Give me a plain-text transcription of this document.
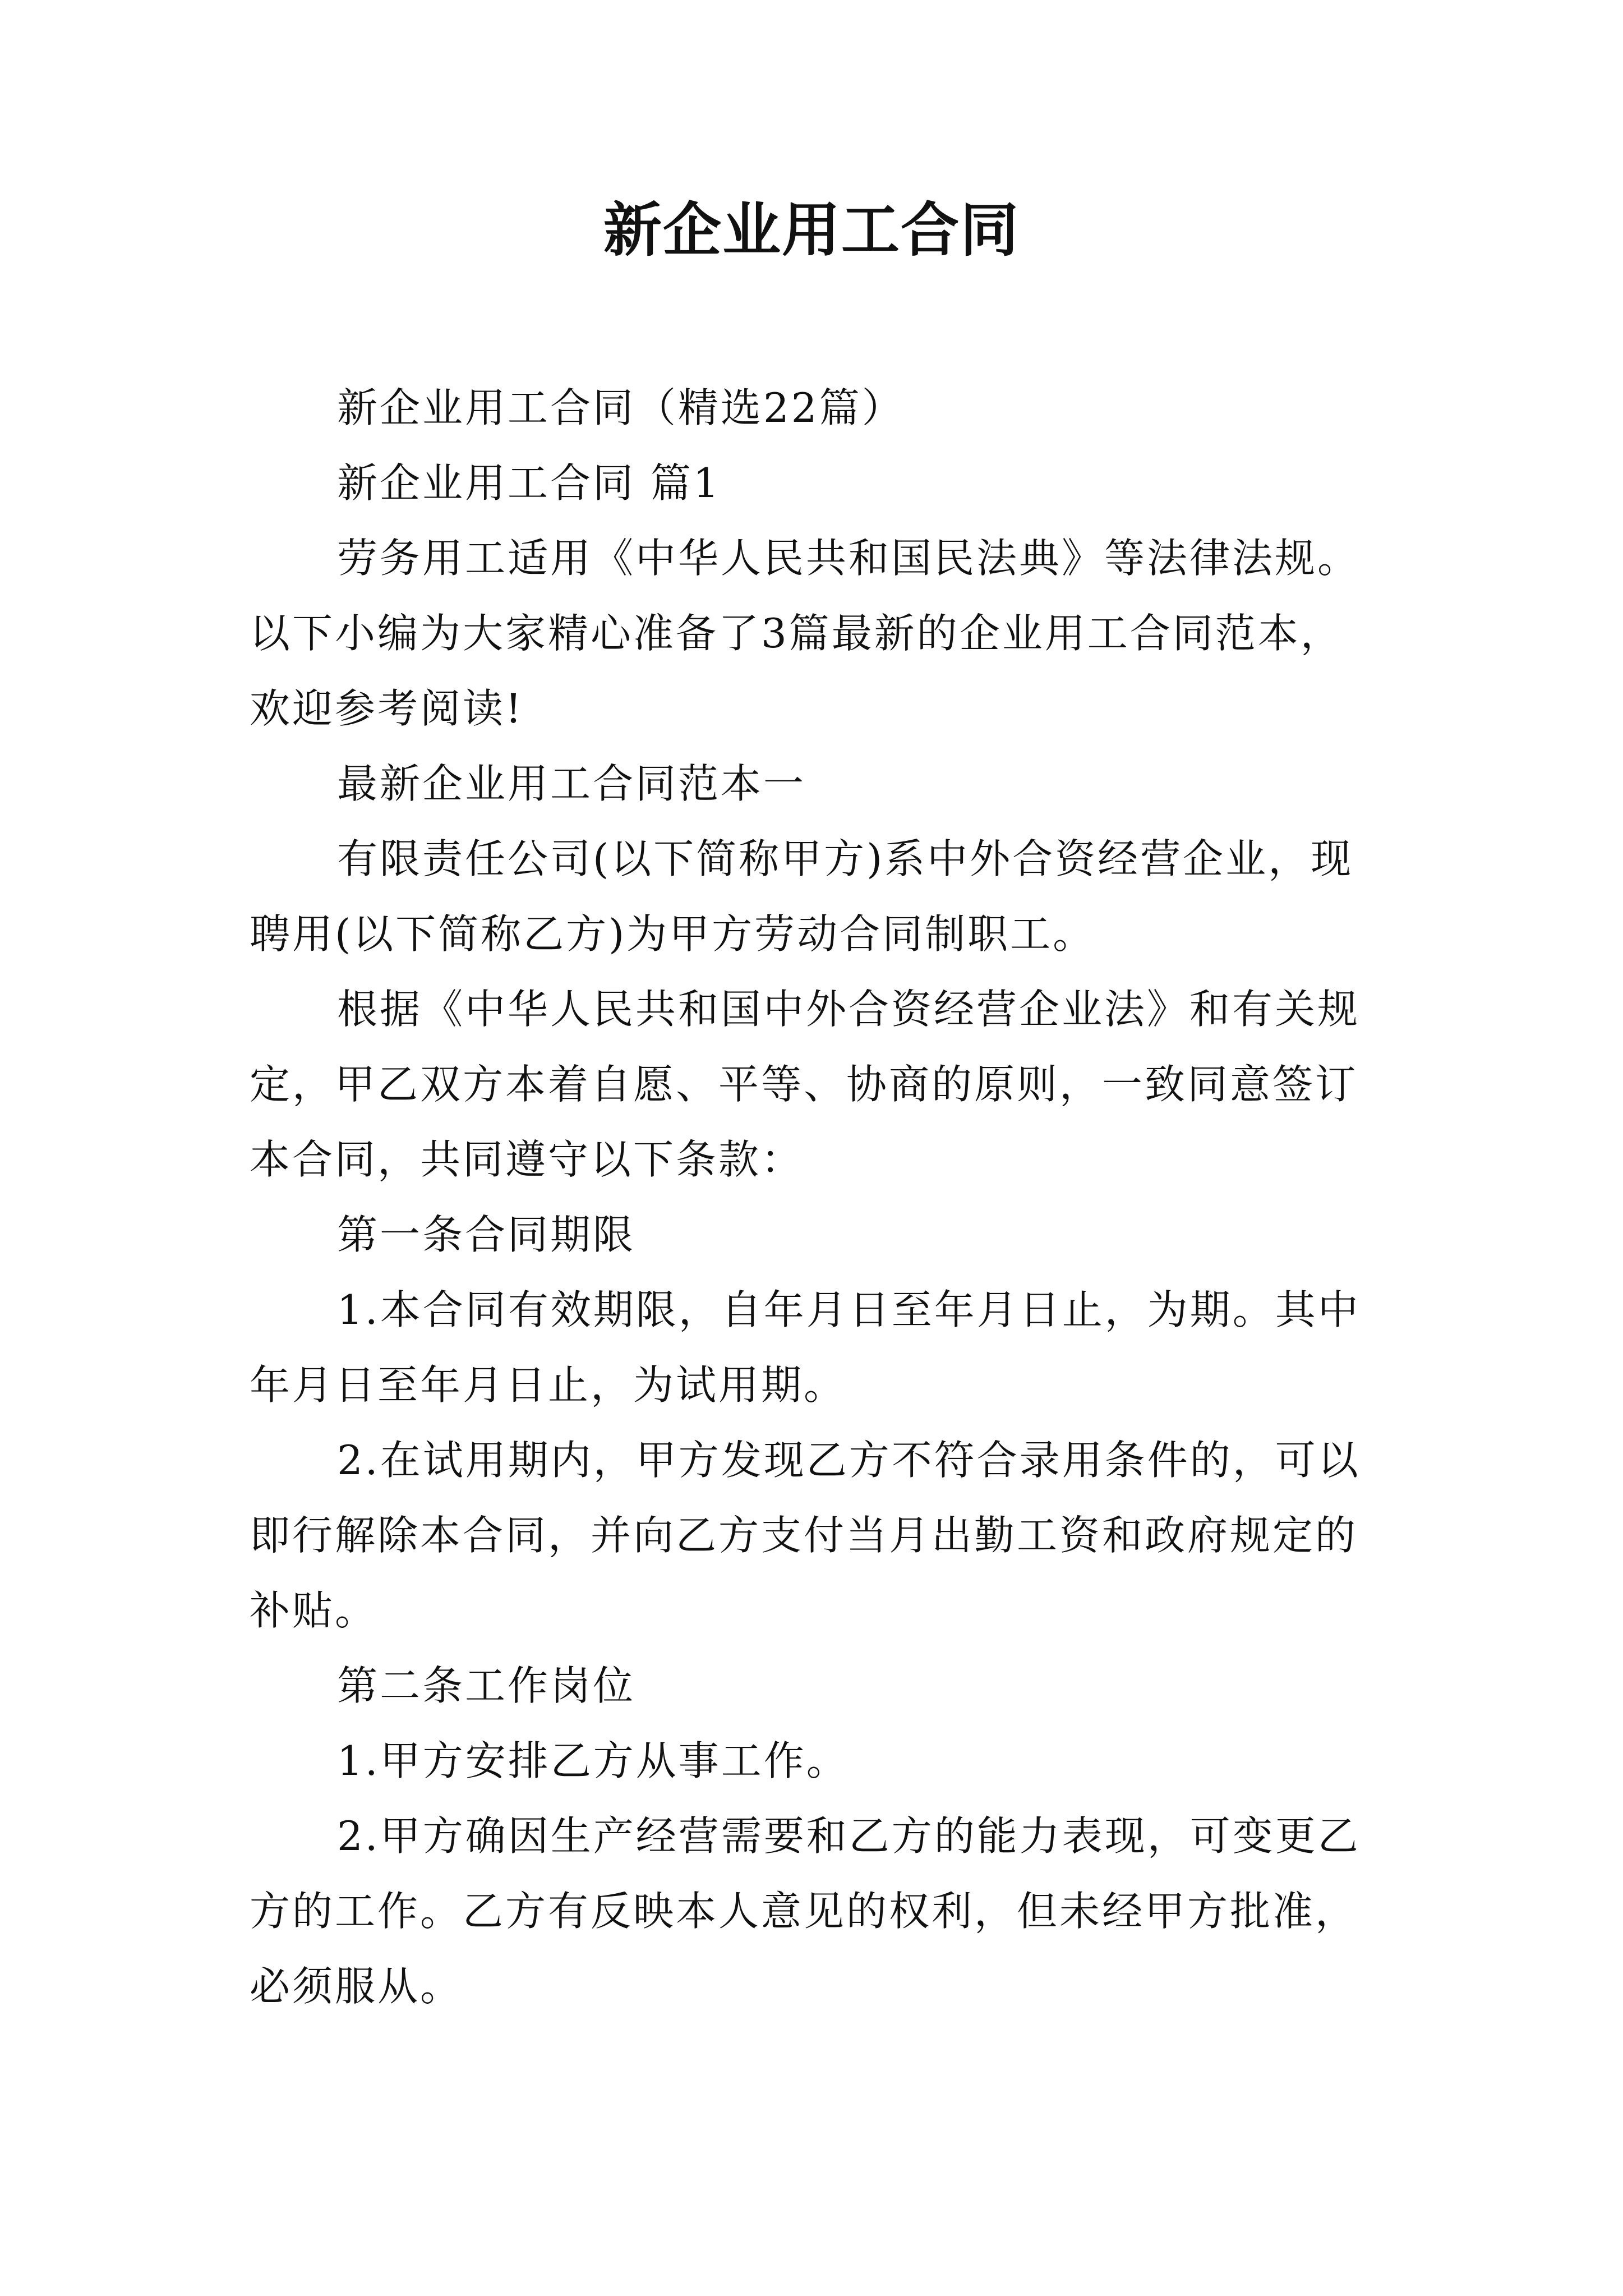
新企业用工合同

新企业用工合同（精选22篇）

新企业用工合同 篇1

劳务用工适用《中华人民共和国民法典》等法律法规。以下小编为大家精心准备了3篇最新的企业用工合同范本，欢迎参考阅读!

最新企业用工合同范本一

有限责任公司(以下简称甲方)系中外合资经营企业，现聘用(以下简称乙方)为甲方劳动合同制职工。

根据《中华人民共和国中外合资经营企业法》和有关规定，甲乙双方本着自愿、平等、协商的原则，一致同意签订本合同，共同遵守以下条款：

第一条合同期限

1.本合同有效期限，自年月日至年月日止，为期。其中年月日至年月日止，为试用期。

2.在试用期内，甲方发现乙方不符合录用条件的，可以即行解除本合同，并向乙方支付当月出勤工资和政府规定的补贴。

第二条工作岗位

1.甲方安排乙方从事工作。

2.甲方确因生产经营需要和乙方的能力表现，可变更乙方的工作。乙方有反映本人意见的权利，但未经甲方批准，必须服从。
